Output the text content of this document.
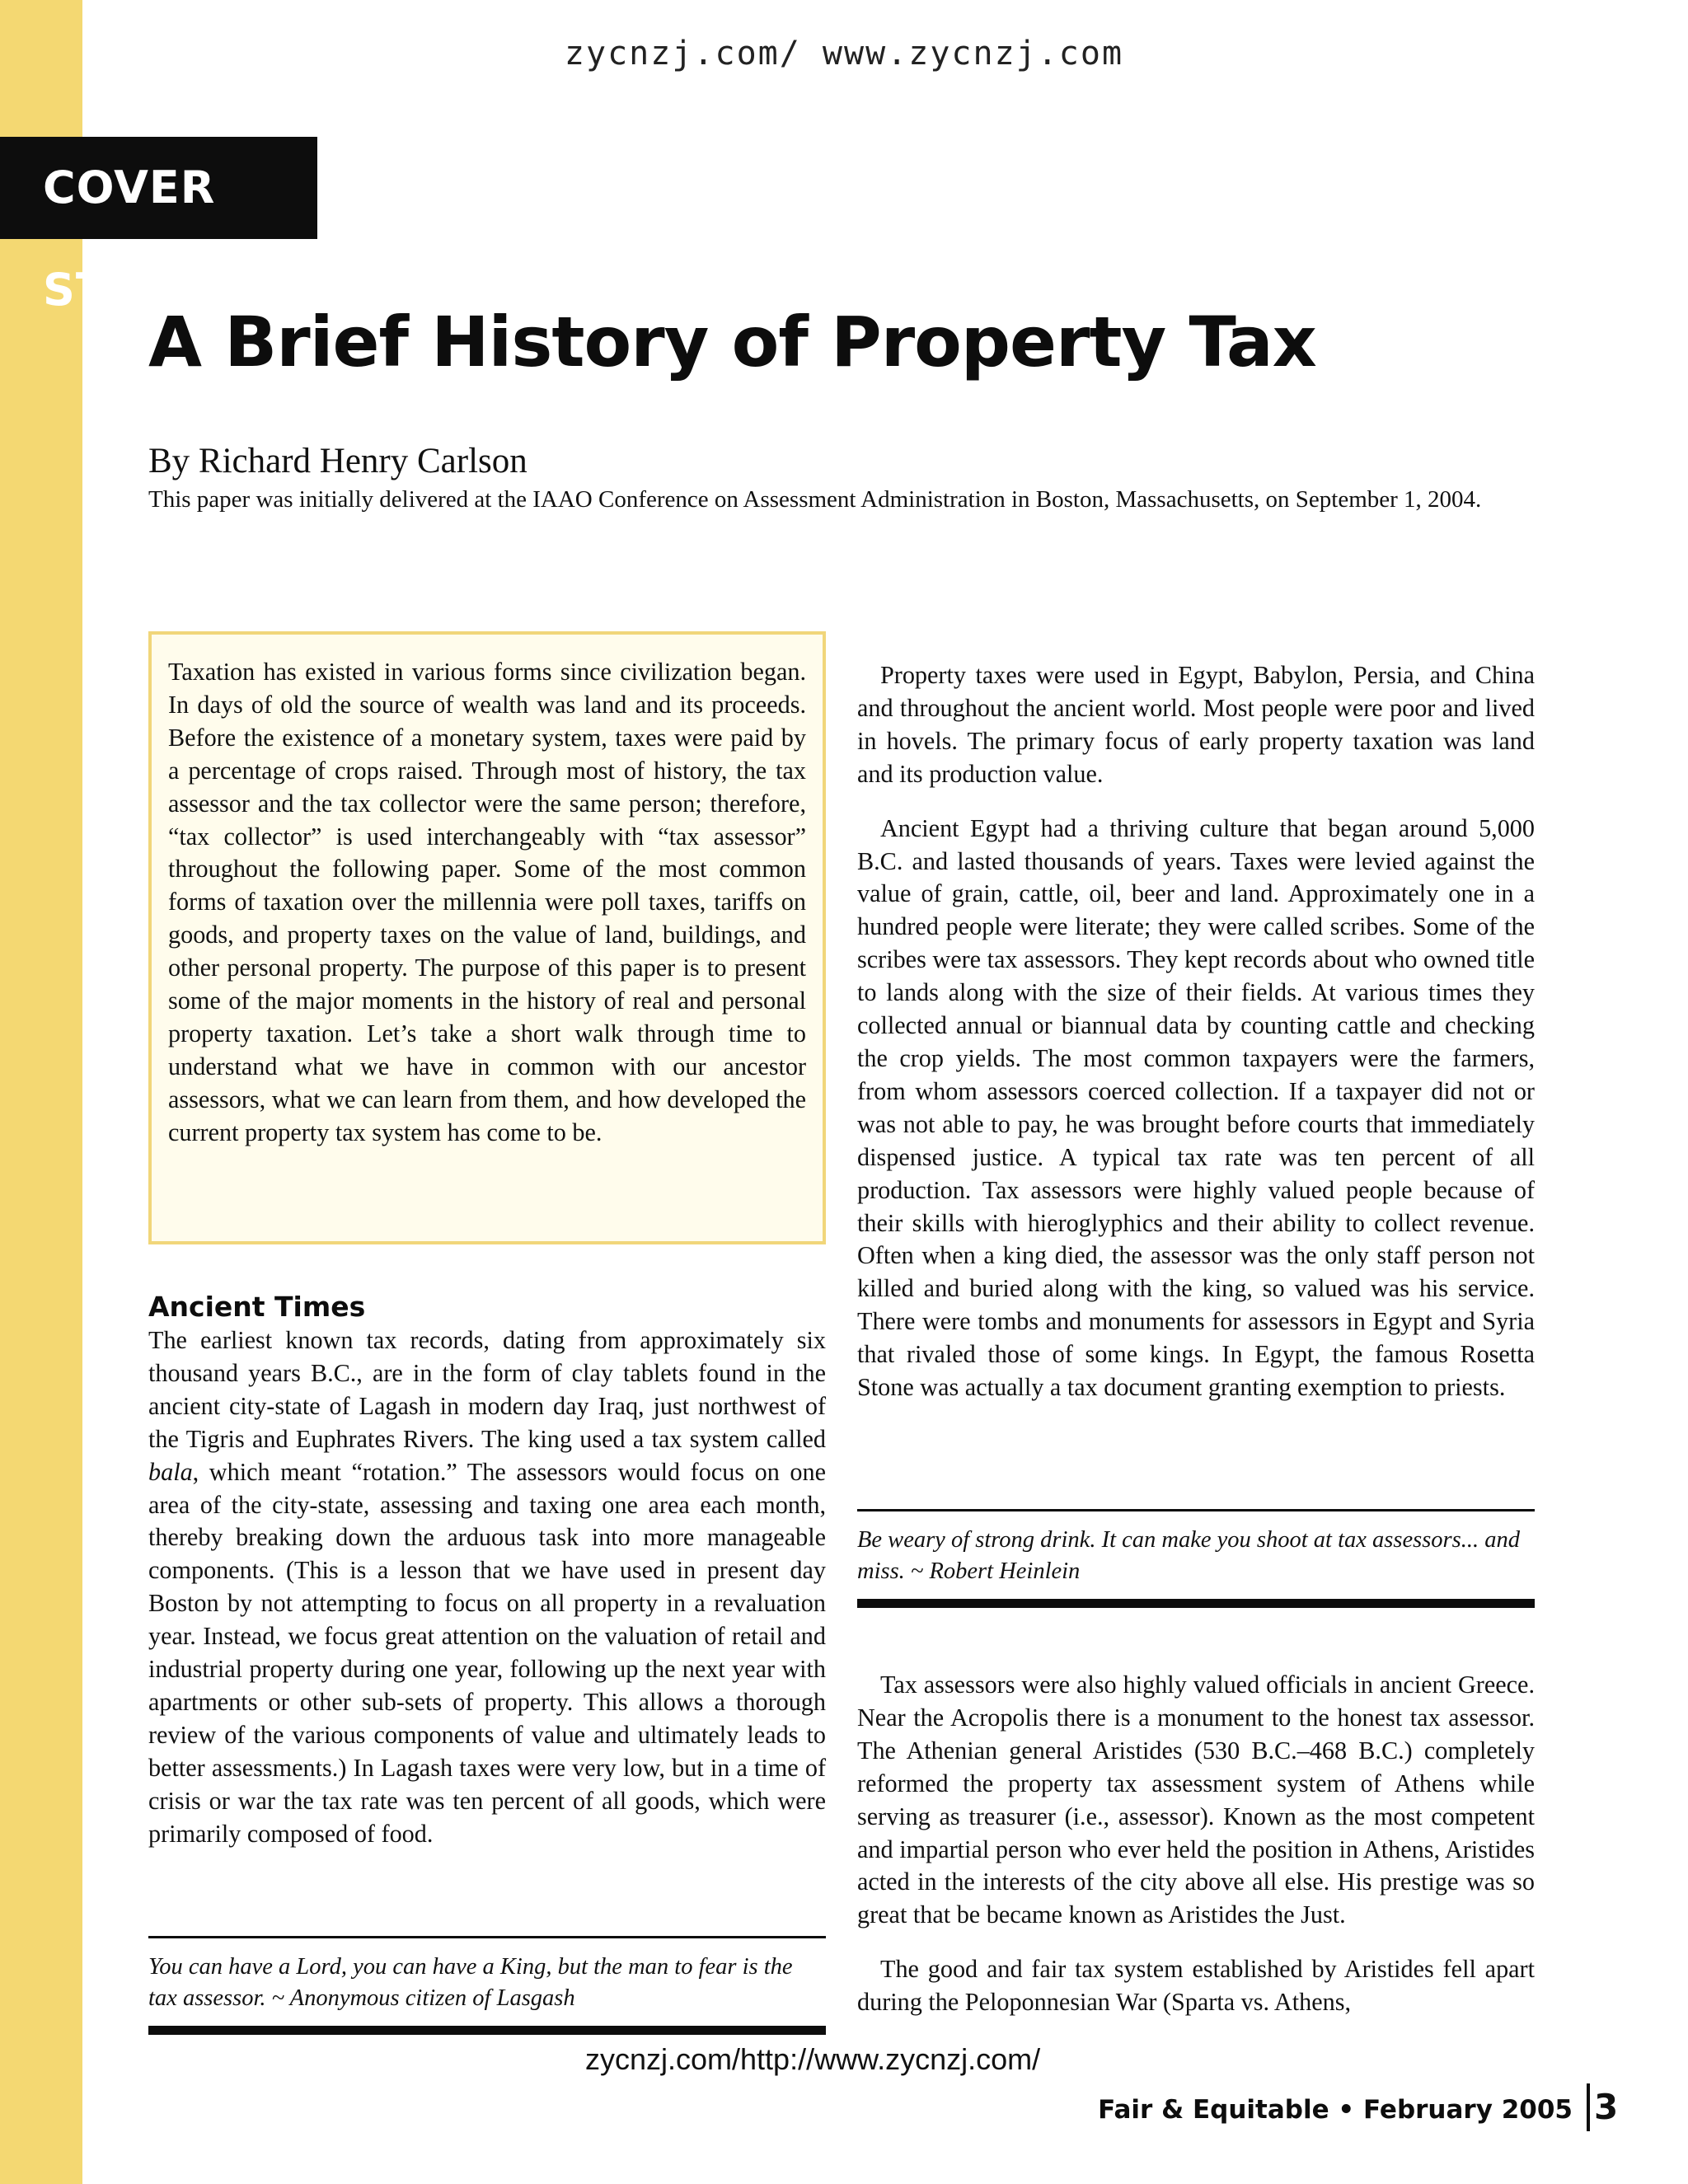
zycnzj.com/ www.zycnzj.com
COVER STORY
A Brief History of Property Tax
By Richard Henry Carlson
This paper was initially delivered at the IAAO Conference on Assessment Administration in Boston, Massachusetts, on September 1, 2004.

Taxation has existed in various forms since civilization began. In days of old the source of wealth was land and its proceeds. Before the existence of a monetary system, taxes were paid by a percentage of crops raised. Through most of history, the tax assessor and the tax collector were the same person; therefore, “tax collector” is used interchangeably with “tax assessor” throughout the following paper. Some of the most common forms of taxation over the millennia were poll taxes, tariffs on goods, and property taxes on the value of land, buildings, and other personal property. The purpose of this paper is to present some of the major moments in the history of real and personal property taxation. Let’s take a short walk through time to understand what we have in common with our ancestor assessors, what we can learn from them, and how developed the current property tax system has come to be.

Ancient Times

The earliest known tax records, dating from approximately six thousand years B.C., are in the form of clay tablets found in the ancient city-state of Lagash in modern day Iraq, just northwest of the Tigris and Euphrates Rivers. The king used a tax system called bala, which meant “rotation.” The assessors would focus on one area of the city-state, assessing and taxing one area each month, thereby breaking down the arduous task into more manageable components. (This is a lesson that we have used in present day Boston by not attempting to focus on all property in a revaluation year. Instead, we focus great attention on the valuation of retail and industrial property during one year, following up the next year with apartments or other sub-sets of property. This allows a thorough review of the various components of value and ultimately leads to better assessments.) In Lagash taxes were very low, but in a time of crisis or war the tax rate was ten percent of all goods, which were primarily composed of food.

You can have a Lord, you can have a King, but the man to fear is the tax assessor. ~ Anonymous citizen of Lasgash

Property taxes were used in Egypt, Babylon, Persia, and China and throughout the ancient world. Most people were poor and lived in hovels. The primary focus of early property taxation was land and its production value.

Ancient Egypt had a thriving culture that began around 5,000 B.C. and lasted thousands of years. Taxes were levied against the value of grain, cattle, oil, beer and land. Approximately one in a hundred people were literate; they were called scribes. Some of the scribes were tax assessors. They kept records about who owned title to lands along with the size of their fields. At various times they collected annual or biannual data by counting cattle and checking the crop yields. The most common taxpayers were the farmers, from whom assessors coerced collection. If a taxpayer did not or was not able to pay, he was brought before courts that immediately dispensed justice. A typical tax rate was ten percent of all production. Tax assessors were highly valued people because of their skills with hieroglyphics and their ability to collect revenue. Often when a king died, the assessor was the only staff person not killed and buried along with the king, so valued was his service. There were tombs and monuments for assessors in Egypt and Syria that rivaled those of some kings. In Egypt, the famous Rosetta Stone was actually a tax document granting exemption to priests.

Be weary of strong drink. It can make you shoot at tax assessors... and miss. ~ Robert Heinlein

Tax assessors were also highly valued officials in ancient Greece. Near the Acropolis there is a monument to the honest tax assessor. The Athenian general Aristides (530 B.C.–468 B.C.) completely reformed the property tax assessment system of Athens while serving as treasurer (i.e., assessor). Known as the most competent and impartial person who ever held the position in Athens, Aristides acted in the interests of the city above all else. His prestige was so great that be became known as Aristides the Just.

The good and fair tax system established by Aristides fell apart during the Peloponnesian War (Sparta vs. Athens,

zycnzj.com/http://www.zycnzj.com/
Fair & Equitable • February 2005 3
